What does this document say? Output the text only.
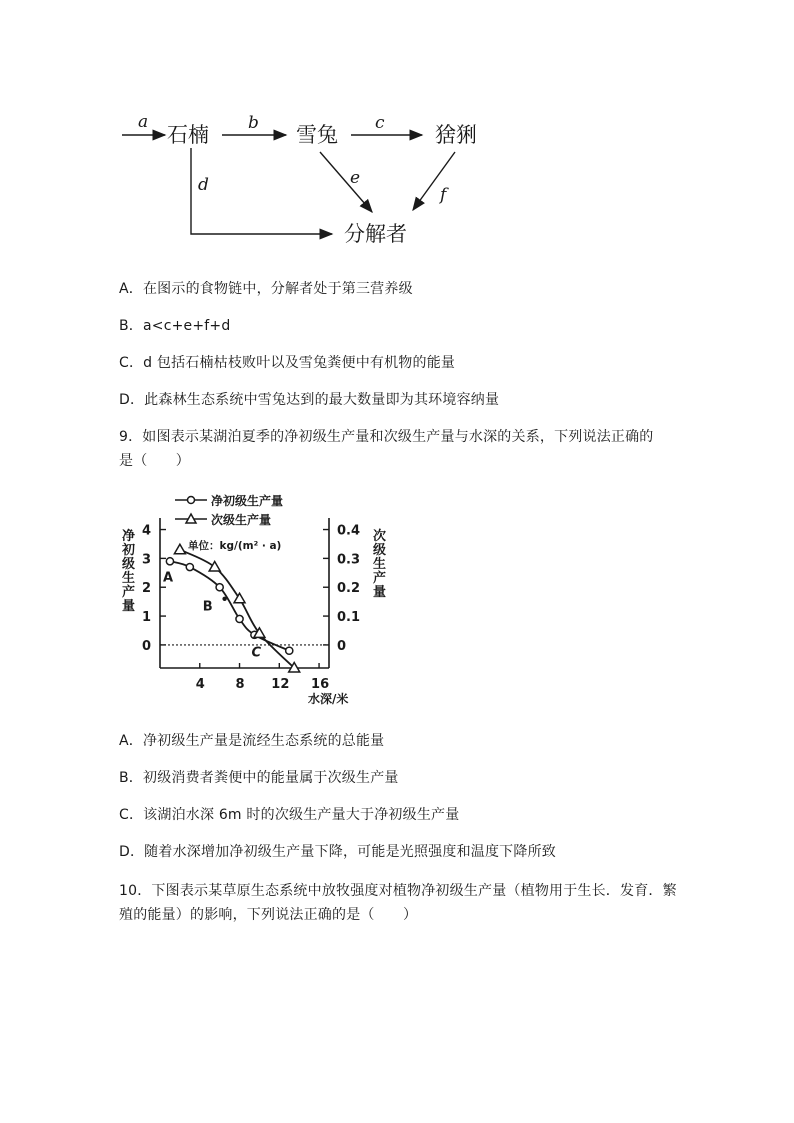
a
石楠 b 雪兔 c 猞猁
d	e
f
分解者
A．在图示的食物链中，分解者处于第三营养级
B．a<c+e+f+d
C．d 包括石楠枯枝败叶以及雪兔粪便中有机物的能量
D．此森林生态系统中雪兔达到的最大数量即为其环境容纳量
9．如图表示某湖泊夏季的净初级生产量和次级生产量与水深的关系，下列说法正确的
是（　　）
净初级生产量
次级生产量
单位：kg/(m² · a)
净初级生产量
次级生产量
0
1
2
3
4
0
0.1
0.2
0.3
0.4
4 8 12 16
A
B
C
水深/米
A．净初级生产量是流经生态系统的总能量
B．初级消费者粪便中的能量属于次级生产量
C．该湖泊水深 6m 时的次级生产量大于净初级生产量
D．随着水深增加净初级生产量下降，可能是光照强度和温度下降所致
10．下图表示某草原生态系统中放牧强度对植物净初级生产量（植物用于生长．发育．繁
殖的能量）的影响，下列说法正确的是（　　）
